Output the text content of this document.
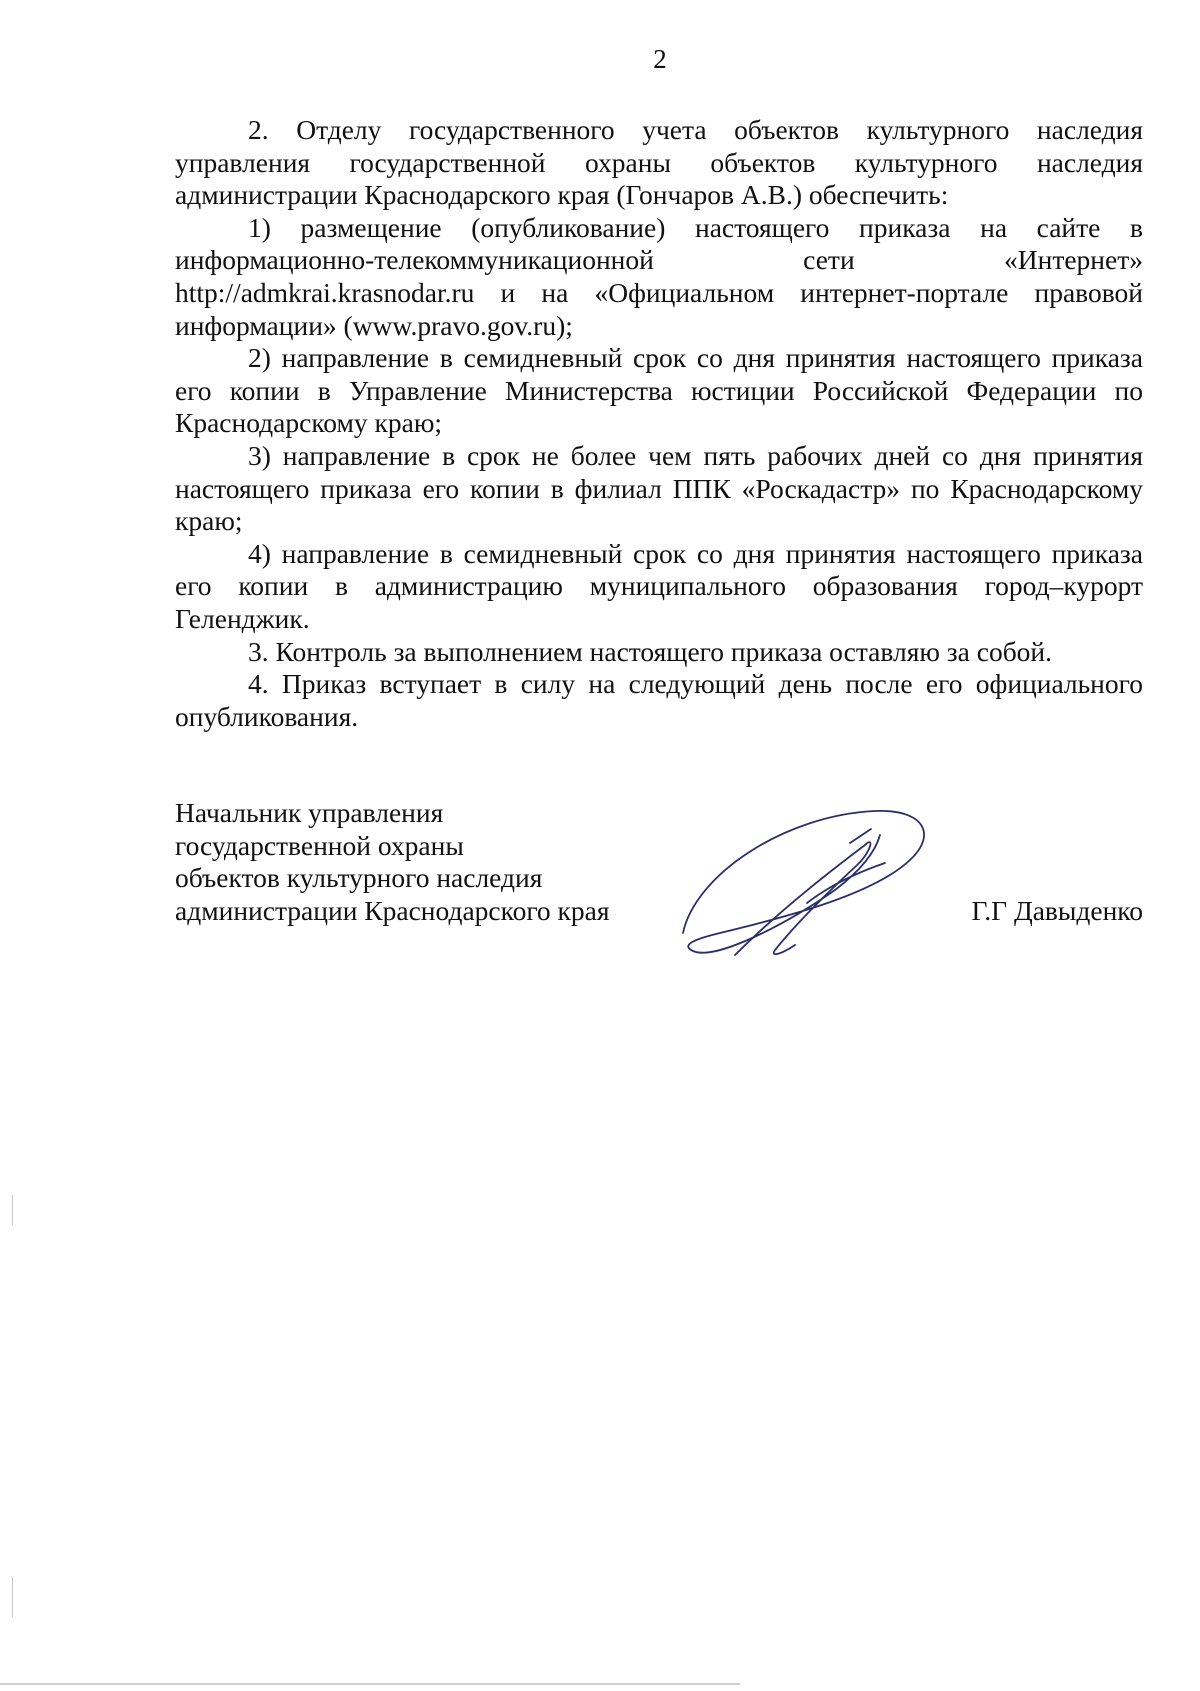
2

2. Отделу государственного учета объектов культурного наследия управления государственной охраны объектов культурного наследия администрации Краснодарского края (Гончаров А.В.) обеспечить:

1) размещение (опубликование) настоящего приказа на сайте в информационно-телекоммуникационной сети «Интернет» http://admkrai.krasnodar.ru и на «Официальном интернет-портале правовой информации» (www.pravo.gov.ru);

2) направление в семидневный срок со дня принятия настоящего приказа его копии в Управление Министерства юстиции Российской Федерации по Краснодарскому краю;

3) направление в срок не более чем пять рабочих дней со дня принятия настоящего приказа его копии в филиал ППК «Роскадастр» по Краснодарскому краю;

4) направление в семидневный срок со дня принятия настоящего приказа его копии в администрацию муниципального образования город–курорт Геленджик.

3. Контроль за выполнением настоящего приказа оставляю за собой.

4. Приказ вступает в силу на следующий день после его официального опубликования.

Начальник управления
государственной охраны
объектов культурного наследия
администрации Краснодарского края	Г.Г Давыденко
